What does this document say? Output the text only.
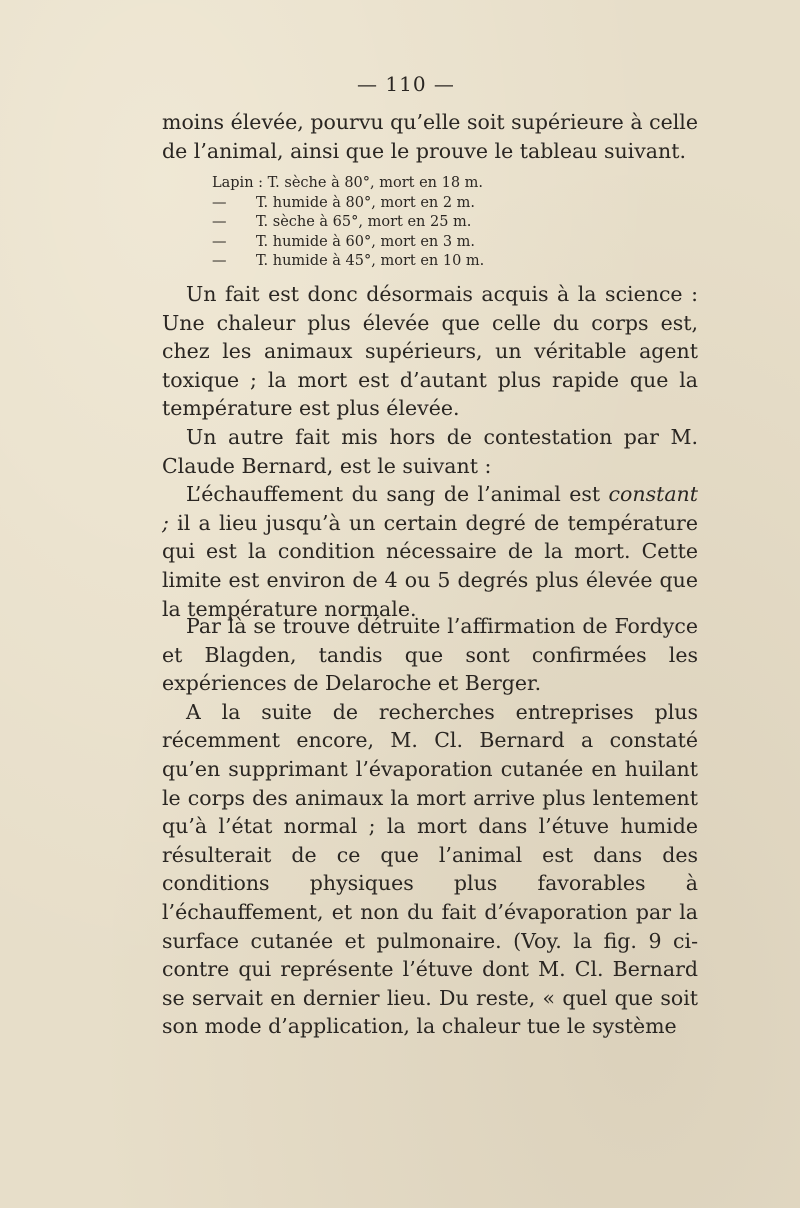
— 110 —
moins élevée, pourvu qu’elle soit supérieure à celle de l’animal, ainsi que le prouve le tableau suivant.
Lapin : T. sèche à 80°, mort en 18 m.
— T. humide à 80°, mort en 2 m.
— T. sèche à 65°, mort en 25 m.
— T. humide à 60°, mort en 3 m.
— T. humide à 45°, mort en 10 m.

Un fait est donc désormais acquis à la science : Une chaleur plus élevée que celle du corps est, chez les animaux supérieurs, un véritable agent toxique ; la mort est d’autant plus rapide que la température est plus élevée.

Un autre fait mis hors de contestation par M. Claude Bernard, est le suivant :

L’échauffement du sang de l’animal est constant ; il a lieu jusqu’à un certain degré de température qui est la condition nécessaire de la mort. Cette limite est environ de 4 ou 5 degrés plus élevée que la température normale.

Par là se trouve détruite l’affirmation de Fordyce et Blagden, tandis que sont confirmées les expériences de Delaroche et Berger.

A la suite de recherches entreprises plus récemment encore, M. Cl. Bernard a constaté qu’en supprimant l’évaporation cutanée en huilant le corps des animaux la mort arrive plus lentement qu’à l’état normal ; la mort dans l’étuve humide résulterait de ce que l’animal est dans des conditions physiques plus favorables à l’échauffement, et non du fait d’évaporation par la surface cutanée et pulmonaire. (Voy. la fig. 9 ci-contre qui représente l’étuve dont M. Cl. Bernard se servait en dernier lieu. Du reste, « quel que soit son mode d’application, la chaleur tue le système
